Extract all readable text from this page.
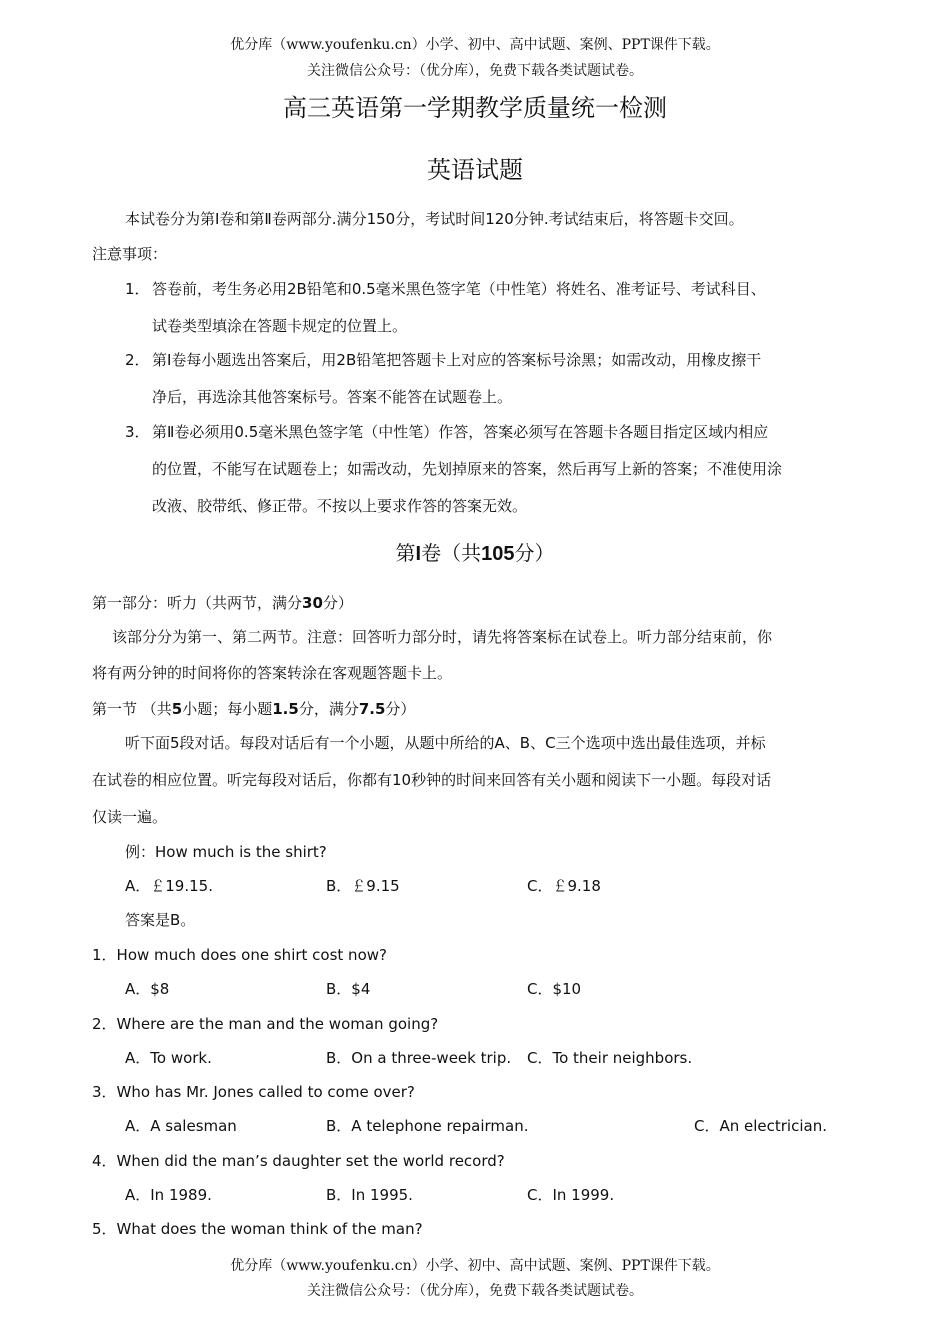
优分库（www.youfenku.cn）小学、初中、高中试题、案例、PPT课件下载。
关注微信公众号：（优分库），免费下载各类试题试卷。
高三英语第一学期教学质量统一检测
英语试题
本试卷分为第Ⅰ卷和第Ⅱ卷两部分.满分150分，考试时间120分钟.考试结束后，将答题卡交回。
注意事项：
1． 答卷前，考生务必用2B铅笔和0.5毫米黑色签字笔（中性笔）将姓名、准考证号、考试科目、
试卷类型填涂在答题卡规定的位置上。
2． 第Ⅰ卷每小题选出答案后，用2B铅笔把答题卡上对应的答案标号涂黑；如需改动，用橡皮擦干
净后，再选涂其他答案标号。答案不能答在试题卷上。
3． 第Ⅱ卷必须用0.5毫米黑色签字笔（中性笔）作答，答案必须写在答题卡各题目指定区域内相应
的位置，不能写在试题卷上；如需改动，先划掉原来的答案，然后再写上新的答案；不准使用涂
改液、胶带纸、修正带。不按以上要求作答的答案无效。
第I卷（共105分）
第一部分：听力（共两节，满分30分）
该部分分为第一、第二两节。注意：回答听力部分时，请先将答案标在试卷上。听力部分结束前，你
将有两分钟的时间将你的答案转涂在客观题答题卡上。
第一节 （共5小题；每小题1.5分，满分7.5分）
听下面5段对话。每段对话后有一个小题，从题中所给的A、B、C三个选项中选出最佳选项，并标
在试卷的相应位置。听完每段对话后，你都有10秒钟的时间来回答有关小题和阅读下一小题。每段对话
仅读一遍。
例：How much is the shirt?
A．￡19.15.	B．￡9.15	C．￡9.18
答案是B。
1．How much does one shirt cost now?
A．$8	B．$4	C．$10
2．Where are the man and the woman going?
A．To work.	B．On a three-week trip. C．To their neighbors.
3．Who has Mr. Jones called to come over?
A．A salesman	B．A telephone repairman.	C．An electrician.
4．When did the man’s daughter set the world record?
A．In 1989.	B．In 1995.	C．In 1999.
5．What does the woman think of the man?
优分库（www.youfenku.cn）小学、初中、高中试题、案例、PPT课件下载。
关注微信公众号：（优分库），免费下载各类试题试卷。
